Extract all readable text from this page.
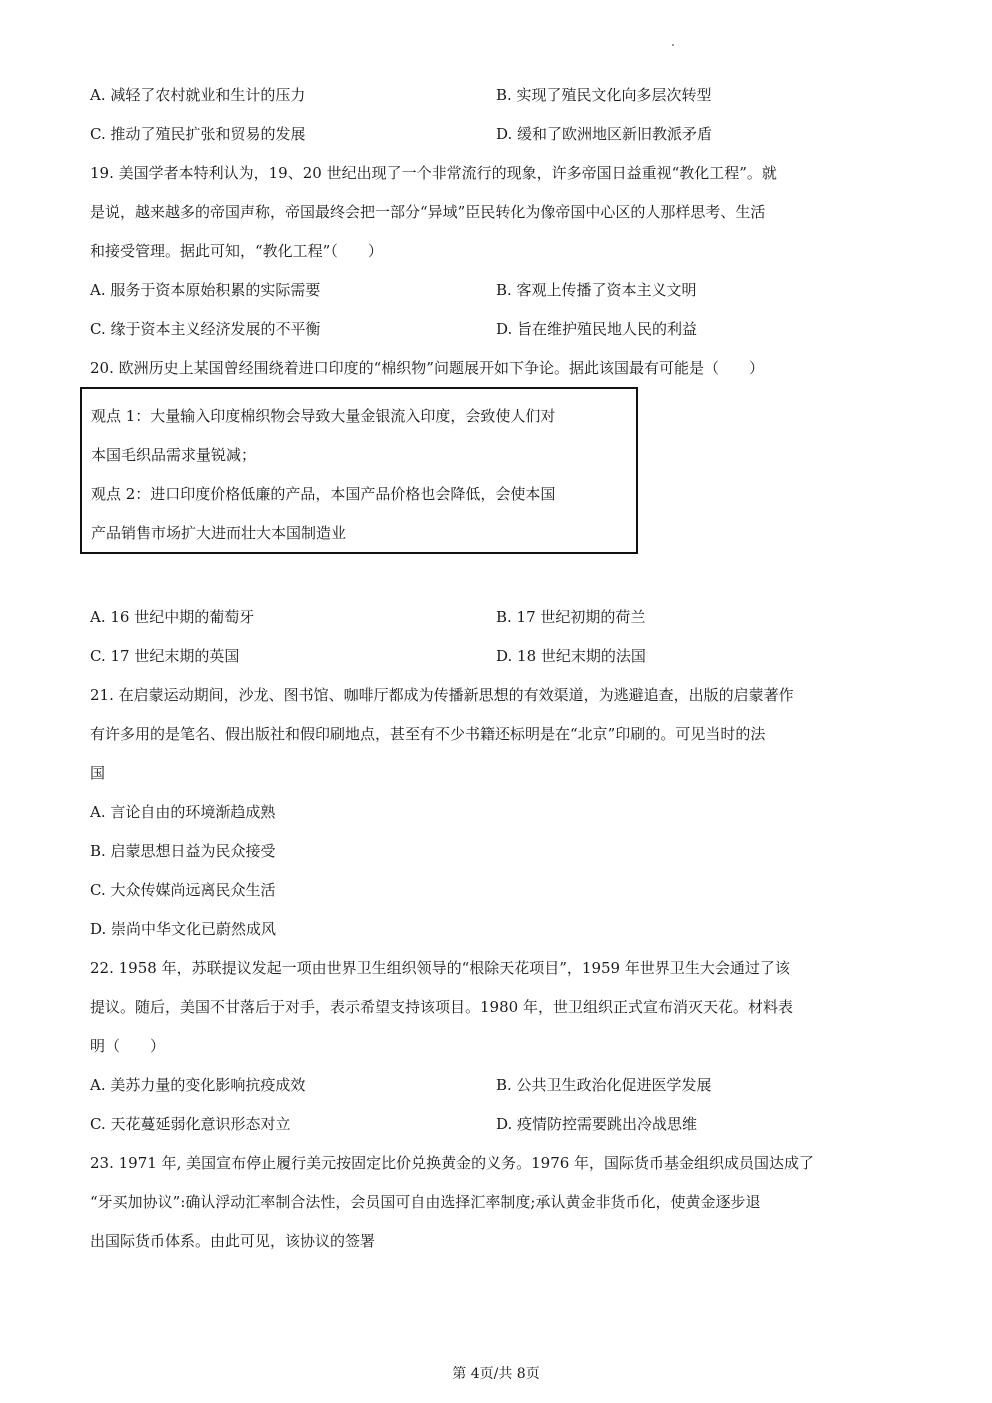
A. 减轻了农村就业和生计的压力	B. 实现了殖民文化向多层次转型
C. 推动了殖民扩张和贸易的发展	D. 缓和了欧洲地区新旧教派矛盾
19. 美国学者本特利认为，19、20 世纪出现了一个非常流行的现象，许多帝国日益重视“教化工程”。就
是说，越来越多的帝国声称，帝国最终会把一部分“异域”臣民转化为像帝国中心区的人那样思考、生活
和接受管理。据此可知，“教化工程”（　　）
A. 服务于资本原始积累的实际需要	B. 客观上传播了资本主义文明
C. 缘于资本主义经济发展的不平衡	D. 旨在维护殖民地人民的利益
20. 欧洲历史上某国曾经围绕着进口印度的“棉织物”问题展开如下争论。据此该国最有可能是（　　）
观点 1：大量输入印度棉织物会导致大量金银流入印度，会致使人们对
本国毛织品需求量锐减；
观点 2：进口印度价格低廉的产品，本国产品价格也会降低，会使本国
产品销售市场扩大进而壮大本国制造业
A. 16 世纪中期的葡萄牙	B. 17 世纪初期的荷兰
C. 17 世纪末期的英国	D. 18 世纪末期的法国
21. 在启蒙运动期间，沙龙、图书馆、咖啡厅都成为传播新思想的有效渠道，为逃避追查，出版的启蒙著作
有许多用的是笔名、假出版社和假印刷地点，甚至有不少书籍还标明是在“北京”印刷的。可见当时的法
国
A. 言论自由的环境渐趋成熟
B. 启蒙思想日益为民众接受
C. 大众传媒尚远离民众生活
D. 崇尚中华文化已蔚然成风
22. 1958 年，苏联提议发起一项由世界卫生组织领导的“根除天花项目”，1959 年世界卫生大会通过了该
提议。随后，美国不甘落后于对手，表示希望支持该项目。1980 年，世卫组织正式宣布消灭天花。材料表
明（　　）
A. 美苏力量的变化影响抗疫成效	B. 公共卫生政治化促进医学发展
C. 天花蔓延弱化意识形态对立	D. 疫情防控需要跳出冷战思维
23. 1971 年, 美国宣布停止履行美元按固定比价兑换黄金的义务。1976 年，国际货币基金组织成员国达成了
“牙买加协议”:确认浮动汇率制合法性，会员国可自由选择汇率制度;承认黄金非货币化，使黄金逐步退
出国际货币体系。由此可见，该协议的签署
第 4页/共 8页
